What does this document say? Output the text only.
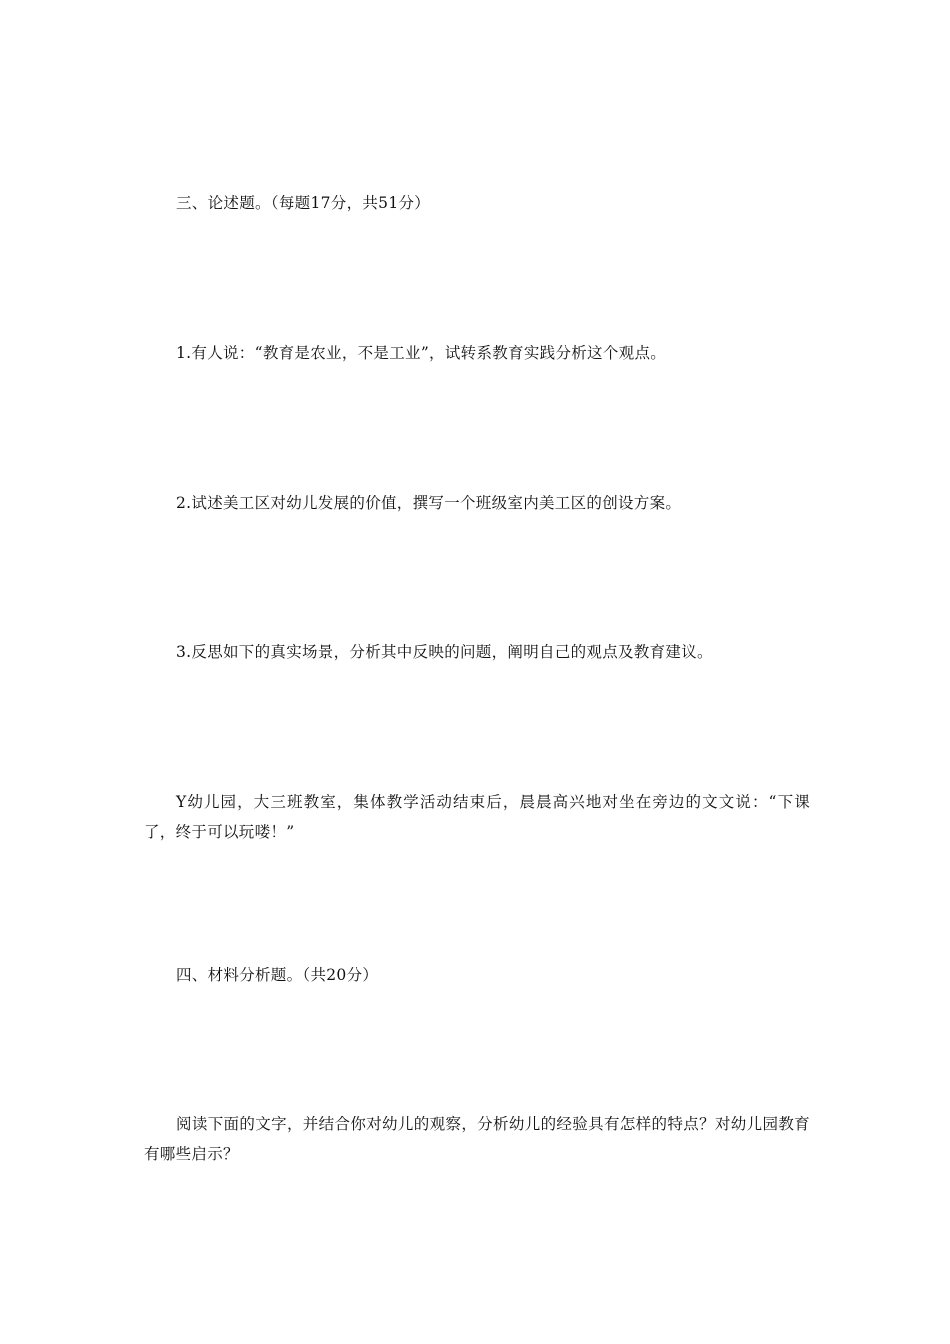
三、论述题。（每题17分，共51分）

1.有人说：“教育是农业，不是工业”，试转系教育实践分析这个观点。

2.试述美工区对幼儿发展的价值，撰写一个班级室内美工区的创设方案。

3.反思如下的真实场景，分析其中反映的问题，阐明自己的观点及教育建议。

Y幼儿园，大三班教室，集体教学活动结束后，晨晨高兴地对坐在旁边的文文说：“下课了，终于可以玩喽！”

四、材料分析题。（共20分）

阅读下面的文字，并结合你对幼儿的观察，分析幼儿的经验具有怎样的特点？对幼儿园教育有哪些启示？
